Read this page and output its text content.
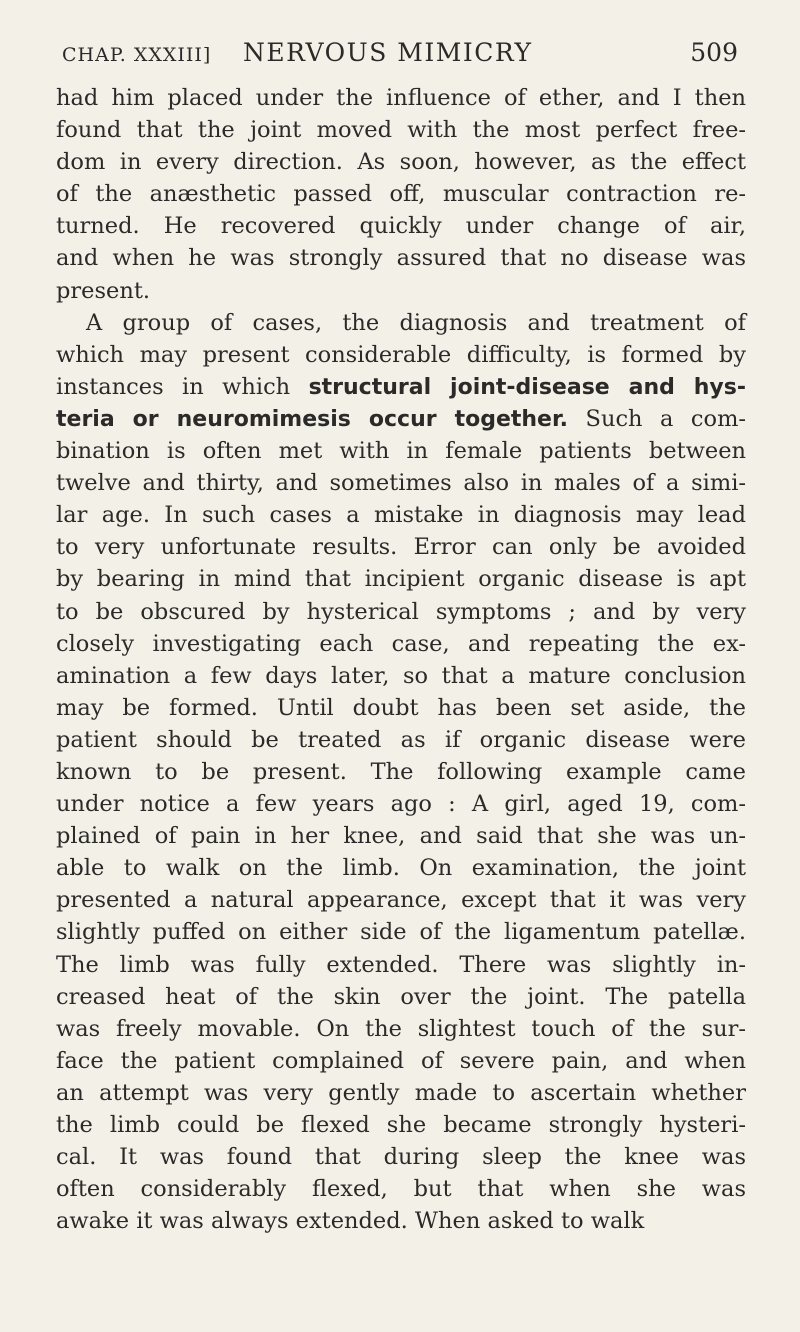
CHAP. XXXIII] NERVOUS MIMICRY	509
had him placed under the influence of ether, and I then
found that the joint moved with the most perfect free-
dom in every direction. As soon, however, as the effect
of the anæsthetic passed off, muscular contraction re-
turned. He recovered quickly under change of air,
and when he was strongly assured that no disease was
present.
A group of cases, the diagnosis and treatment of
which may present considerable difficulty, is formed by
instances in which structural joint-disease and hys-
teria or neuromimesis occur together. Such a com-
bination is often met with in female patients between
twelve and thirty, and sometimes also in males of a simi-
lar age. In such cases a mistake in diagnosis may lead
to very unfortunate results. Error can only be avoided
by bearing in mind that incipient organic disease is apt
to be obscured by hysterical symptoms ; and by very
closely investigating each case, and repeating the ex-
amination a few days later, so that a mature conclusion
may be formed. Until doubt has been set aside, the
patient should be treated as if organic disease were
known to be present. The following example came
under notice a few years ago : A girl, aged 19, com-
plained of pain in her knee, and said that she was un-
able to walk on the limb. On examination, the joint
presented a natural appearance, except that it was very
slightly puffed on either side of the ligamentum patellæ.
The limb was fully extended. There was slightly in-
creased heat of the skin over the joint. The patella
was freely movable. On the slightest touch of the sur-
face the patient complained of severe pain, and when
an attempt was very gently made to ascertain whether
the limb could be flexed she became strongly hysteri-
cal. It was found that during sleep the knee was
often considerably flexed, but that when she was
awake it was always extended. When asked to walk
